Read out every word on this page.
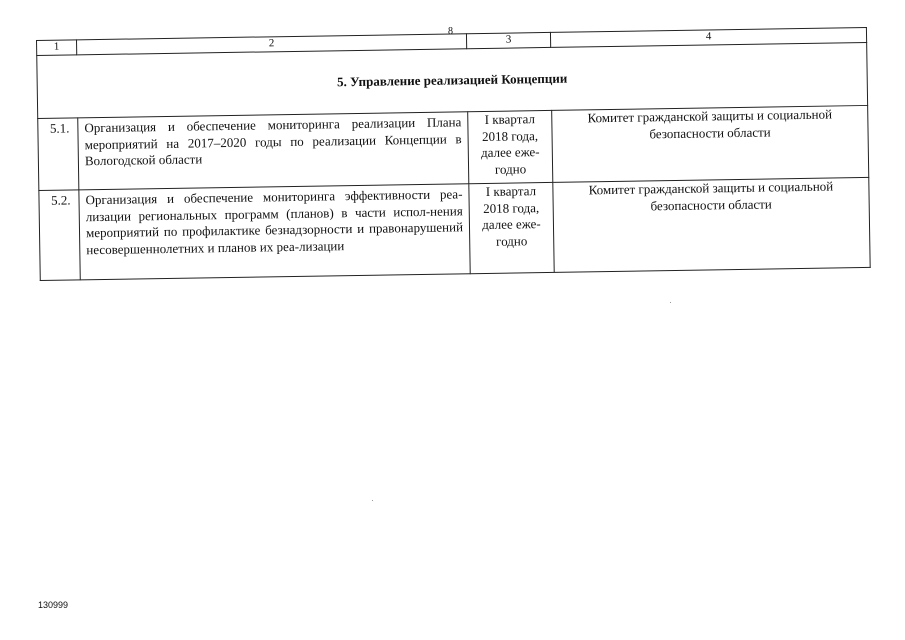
8
1	2	3	4
5. Управление реализацией Концепции			
5.1.	Организация и обеспечение мониторинга реализации Плана мероприятий на 2017–2020 годы по реализации Концепции в Вологодской области	I квартал 2018 года, далее еже-годно	Комитет гражданской защиты и социальной безопасности области
5.2.	Организация и обеспечение мониторинга эффективности реа-лизации региональных программ (планов) в части испол-нения мероприятий по профилактике безнадзорности и правонарушений несовершеннолетних и планов их реа-лизации	I квартал 2018 года, далее еже-годно	Комитет гражданской защиты и социальной безопасности области
130999
